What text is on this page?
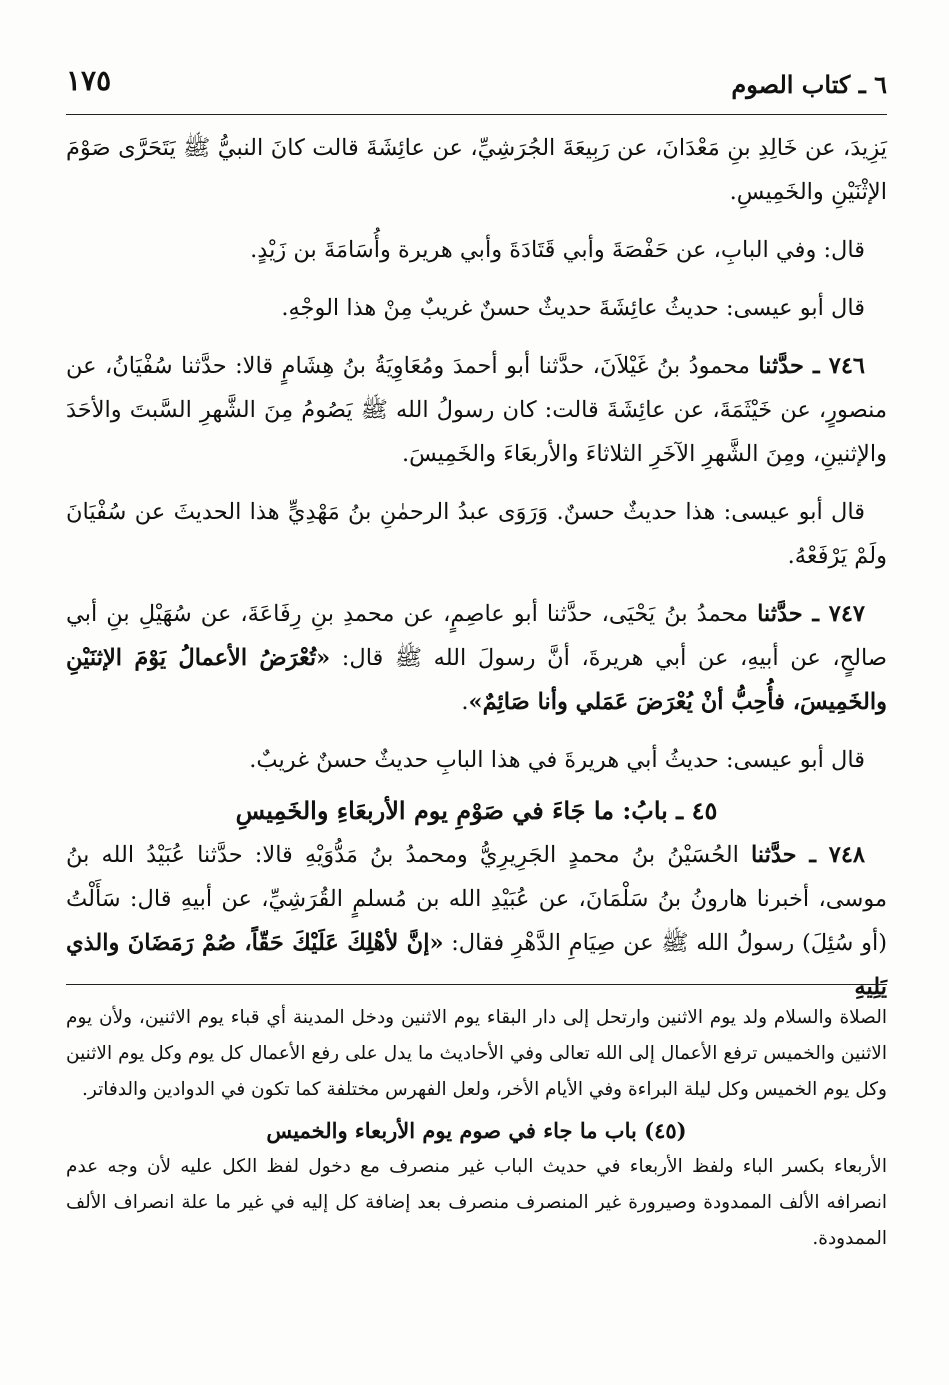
٦ ـ كتاب الصوم
١٧٥

يَزِيدَ، عن خَالِدِ بنِ مَعْدَانَ، عن رَبِيعَةَ الجُرَشِيِّ، عن عائِشَةَ قالت كانَ النبيُّ ﷺ يَتَحَرَّى صَوْمَ الإثْنَيْنِ والخَمِيسِ.

قال: وفي البابِ، عن حَفْصَةَ وأبي قَتَادَةَ وأبي هريرة وأُسَامَةَ بن زَيْدٍ.

قال أبو عيسى: حديثُ عائِشَةَ حديثٌ حسنٌ غريبٌ مِنْ هذا الوجْهِ.

٧٤٦ ـ حدَّثنا محمودُ بنُ غَيْلاَنَ، حدَّثنا أبو أحمدَ ومُعَاوِيَةُ بنُ هِشَامٍ قالا: حدَّثنا سُفْيَانُ، عن منصورٍ، عن خَيْثَمَةَ، عن عائِشَةَ قالت: كان رسولُ الله ﷺ يَصُومُ مِنَ الشَّهرِ السَّبتَ والأحَدَ والإثنينِ، ومِنَ الشَّهرِ الآخَرِ الثلاثاءَ والأربعَاءَ والخَمِيسَ.

قال أبو عيسى: هذا حديثٌ حسنٌ. وَرَوَى عبدُ الرحمٰنِ بنُ مَهْدِيٍّ هذا الحديثَ عن سُفْيَانَ ولَمْ يَرْفَعْهُ.

٧٤٧ ـ حدَّثنا محمدُ بنُ يَحْيَى، حدَّثنا أبو عاصِمٍ، عن محمدِ بنِ رِفَاعَةَ، عن سُهَيْلِ بنِ أبي صالحٍ، عن أبيهِ، عن أبي هريرةَ، أنَّ رسولَ الله ﷺ قال: «تُعْرَضُ الأعمالُ يَوْمَ الإثنَيْنِ والخَمِيسَ، فأُحِبُّ أنْ يُعْرَضَ عَمَلي وأنا صَائِمٌ».

قال أبو عيسى: حديثُ أبي هريرةَ في هذا البابِ حديثٌ حسنٌ غريبٌ.

٤٥ ـ بابُ: ما جَاءَ في صَوْمِ يوم الأربعَاءِ والخَمِيسِ

٧٤٨ ـ حدَّثنا الحُسَيْنُ بنُ محمدٍ الجَرِيرِيُّ ومحمدُ بنُ مَدُّوَيْهِ قالا: حدَّثنا عُبَيْدُ الله بنُ موسى، أخبرنا هارونُ بنُ سَلْمَانَ، عن عُبَيْدِ الله بن مُسلمٍ القُرَشِيِّ، عن أبيهِ قال: سَأَلْتُ (أو سُئِلَ) رسولُ الله ﷺ عن صِيَامِ الدَّهْرِ فقال: «إنَّ لأهْلِكَ عَلَيْكَ حَقّاً، صُمْ رَمَضَانَ والذي يَلِيهِ

الصلاة والسلام ولد يوم الاثنين وارتحل إلى دار البقاء يوم الاثنين ودخل المدينة أي قباء يوم الاثنين، ولأن يوم الاثنين والخميس ترفع الأعمال إلى الله تعالى وفي الأحاديث ما يدل على رفع الأعمال كل يوم وكل يوم الاثنين وكل يوم الخميس وكل ليلة البراءة وفي الأيام الأخر، ولعل الفهرس مختلفة كما تكون في الدوادين والدفاتر.

(٤٥) باب ما جاء في صوم يوم الأربعاء والخميس

الأربعاء بكسر الباء ولفظ الأربعاء في حديث الباب غير منصرف مع دخول لفظ الكل عليه لأن وجه عدم انصرافه الألف الممدودة وصيرورة غير المنصرف منصرف بعد إضافة كل إليه في غير ما علة انصراف الألف الممدودة.
